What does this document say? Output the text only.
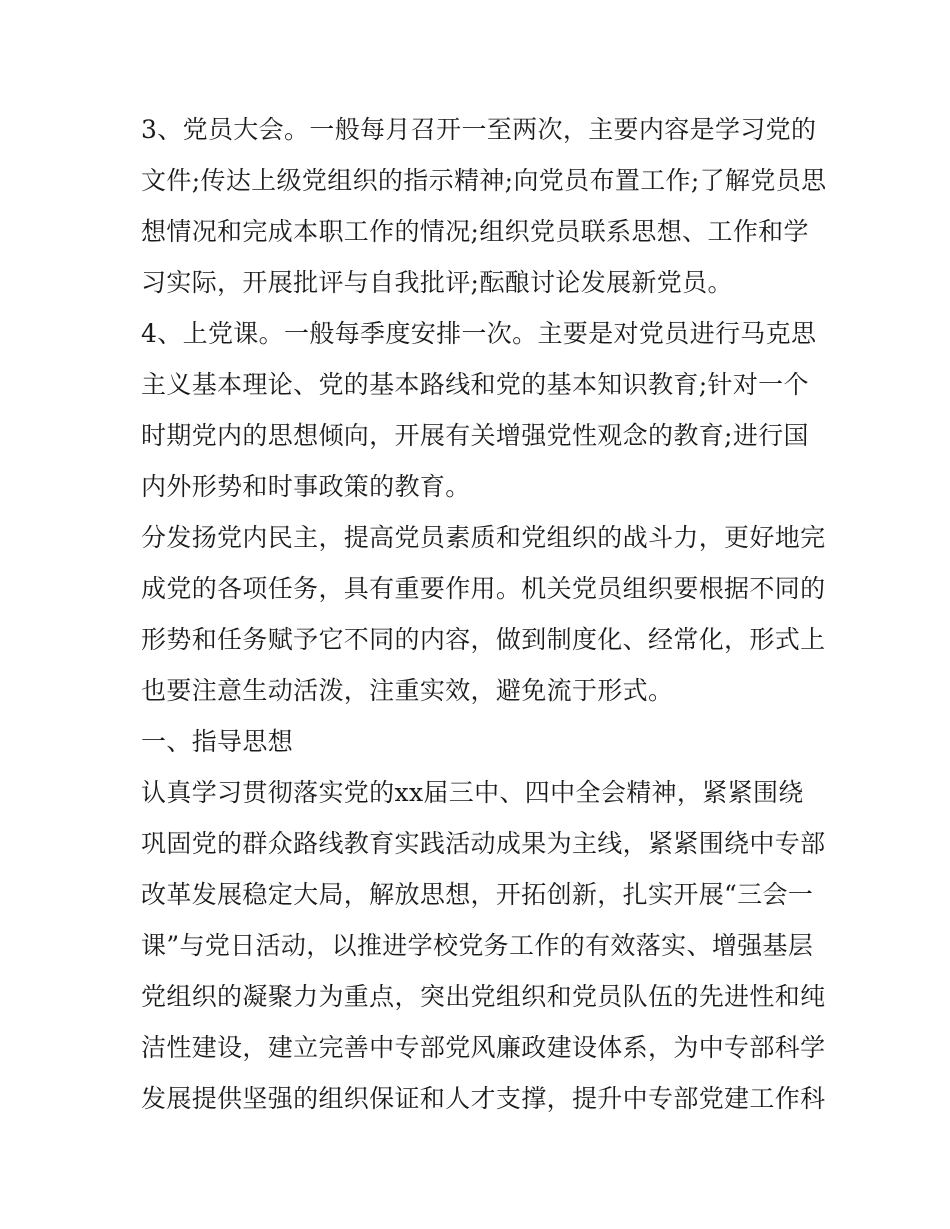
3、党员大会。一般每月召开一至两次，主要内容是学习党的
文件;传达上级党组织的指示精神;向党员布置工作;了解党员思
想情况和完成本职工作的情况;组织党员联系思想、工作和学
习实际，开展批评与自我批评;酝酿讨论发展新党员。
4、上党课。一般每季度安排一次。主要是对党员进行马克思
主义基本理论、党的基本路线和党的基本知识教育;针对一个
时期党内的思想倾向，开展有关增强党性观念的教育;进行国
内外形势和时事政策的教育。
分发扬党内民主，提高党员素质和党组织的战斗力，更好地完
成党的各项任务，具有重要作用。机关党员组织要根据不同的
形势和任务赋予它不同的内容，做到制度化、经常化，形式上
也要注意生动活泼，注重实效，避免流于形式。
一、指导思想
认真学习贯彻落实党的xx届三中、四中全会精神，紧紧围绕
巩固党的群众路线教育实践活动成果为主线，紧紧围绕中专部
改革发展稳定大局，解放思想，开拓创新，扎实开展“三会一
课”与党日活动，以推进学校党务工作的有效落实、增强基层
党组织的凝聚力为重点，突出党组织和党员队伍的先进性和纯
洁性建设，建立完善中专部党风廉政建设体系，为中专部科学
发展提供坚强的组织保证和人才支撑，提升中专部党建工作科
